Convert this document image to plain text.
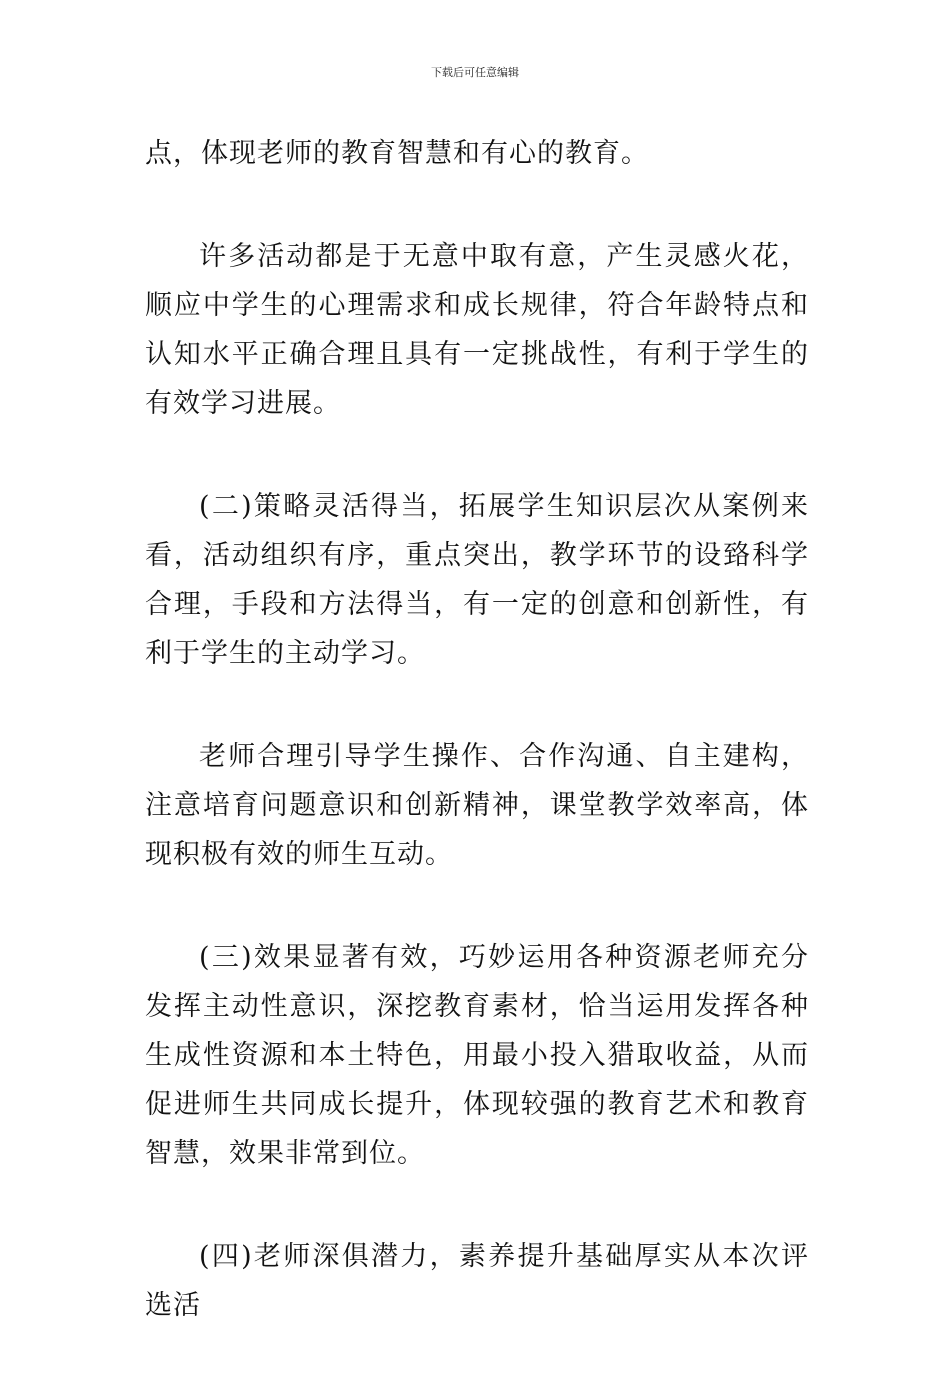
下载后可任意编辑

点，体现老师的教育智慧和有心的教育。

许多活动都是于无意中取有意，产生灵感火花，顺应中学生的心理需求和成长规律，符合年龄特点和认知水平正确合理且具有一定挑战性，有利于学生的有效学习进展。

(二)策略灵活得当，拓展学生知识层次从案例来看，活动组织有序，重点突出，教学环节的设臵科学合理，手段和方法得当，有一定的创意和创新性，有利于学生的主动学习。

老师合理引导学生操作、合作沟通、自主建构，注意培育问题意识和创新精神，课堂教学效率高，体现积极有效的师生互动。

(三)效果显著有效，巧妙运用各种资源老师充分发挥主动性意识，深挖教育素材，恰当运用发挥各种生成性资源和本土特色，用最小投入猎取收益，从而促进师生共同成长提升，体现较强的教育艺术和教育智慧，效果非常到位。

(四)老师深俱潜力，素养提升基础厚实从本次评选活
